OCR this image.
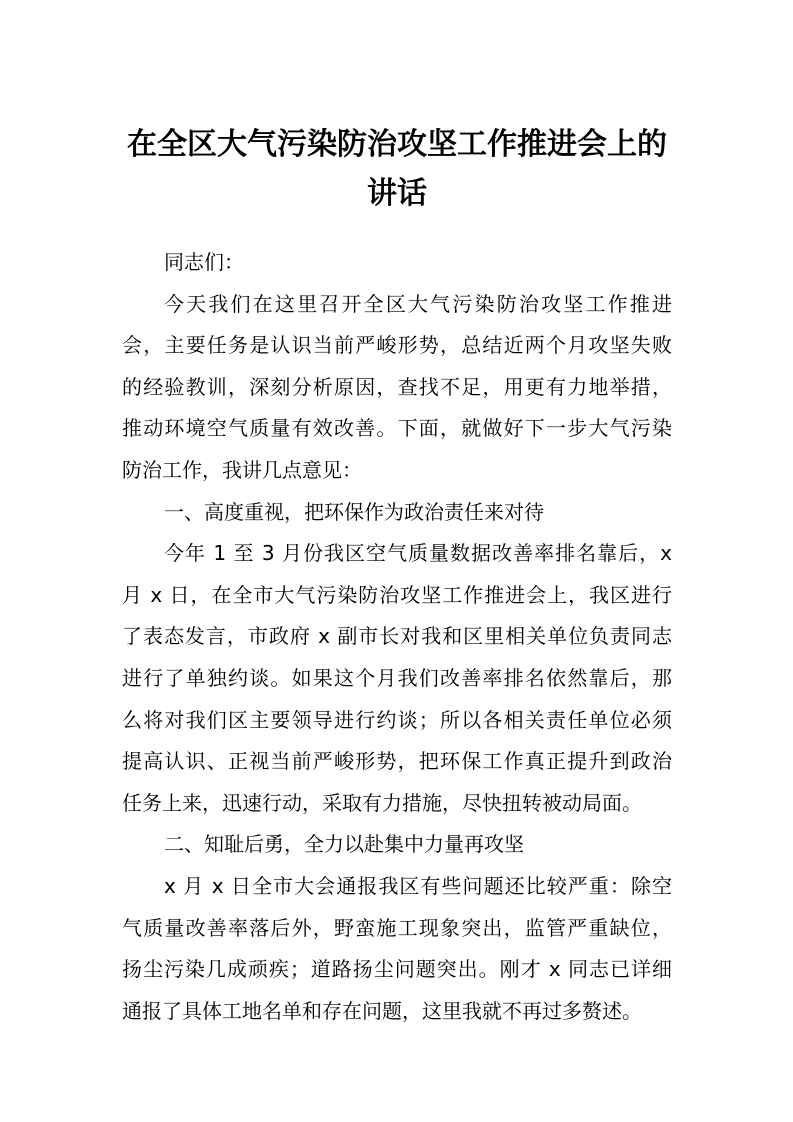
在全区大气污染防治攻坚工作推进会上的
讲话
同志们：
今天我们在这里召开全区大气污染防治攻坚工作推进
会，主要任务是认识当前严峻形势，总结近两个月攻坚失败
的经验教训，深刻分析原因，查找不足，用更有力地举措，
推动环境空气质量有效改善。下面，就做好下一步大气污染
防治工作，我讲几点意见：
一、高度重视，把环保作为政治责任来对待
今年 1 至 3 月份我区空气质量数据改善率排名靠后，x
月 x 日，在全市大气污染防治攻坚工作推进会上，我区进行
了表态发言，市政府 x 副市长对我和区里相关单位负责同志
进行了单独约谈。如果这个月我们改善率排名依然靠后，那
么将对我们区主要领导进行约谈；所以各相关责任单位必须
提高认识、正视当前严峻形势，把环保工作真正提升到政治
任务上来，迅速行动，采取有力措施，尽快扭转被动局面。
二、知耻后勇，全力以赴集中力量再攻坚
x 月 x 日全市大会通报我区有些问题还比较严重：除空
气质量改善率落后外，野蛮施工现象突出，监管严重缺位，
扬尘污染几成顽疾；道路扬尘问题突出。刚才 x 同志已详细
通报了具体工地名单和存在问题，这里我就不再过多赘述。
